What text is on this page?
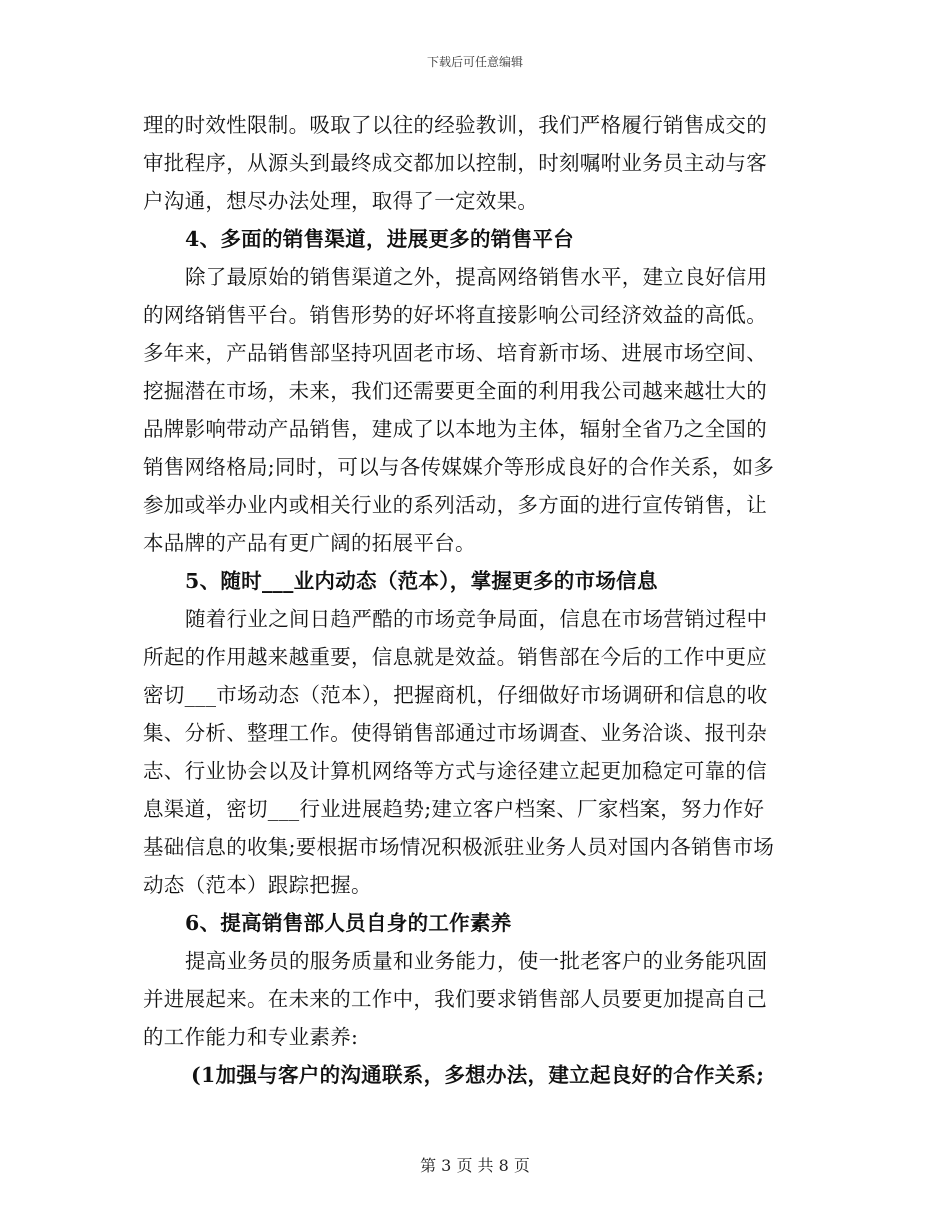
下载后可任意编辑
理的时效性限制。吸取了以往的经验教训，我们严格履行销售成交的
审批程序，从源头到最终成交都加以控制，时刻嘱咐业务员主动与客
户沟通，想尽办法处理，取得了一定效果。
4、多面的销售渠道，进展更多的销售平台
除了最原始的销售渠道之外，提高网络销售水平，建立良好信用
的网络销售平台。销售形势的好坏将直接影响公司经济效益的高低。
多年来，产品销售部坚持巩固老市场、培育新市场、进展市场空间、
挖掘潜在市场，未来，我们还需要更全面的利用我公司越来越壮大的
品牌影响带动产品销售，建成了以本地为主体，辐射全省乃之全国的
销售网络格局;同时，可以与各传媒媒介等形成良好的合作关系，如多
参加或举办业内或相关行业的系列活动，多方面的进行宣传销售，让
本品牌的产品有更广阔的拓展平台。
5、随时___业内动态（范本），掌握更多的市场信息
随着行业之间日趋严酷的市场竞争局面，信息在市场营销过程中
所起的作用越来越重要，信息就是效益。销售部在今后的工作中更应
密切___市场动态（范本），把握商机，仔细做好市场调研和信息的收
集、分析、整理工作。使得销售部通过市场调查、业务洽谈、报刊杂
志、行业协会以及计算机网络等方式与途径建立起更加稳定可靠的信
息渠道，密切___行业进展趋势;建立客户档案、厂家档案，努力作好
基础信息的收集;要根据市场情况积极派驻业务人员对国内各销售市场
动态（范本）跟踪把握。
6、提高销售部人员自身的工作素养
提高业务员的服务质量和业务能力，使一批老客户的业务能巩固
并进展起来。在未来的工作中，我们要求销售部人员要更加提高自己
的工作能力和专业素养:
(1加强与客户的沟通联系，多想办法，建立起良好的合作关系;
第 3 页 共 8 页
